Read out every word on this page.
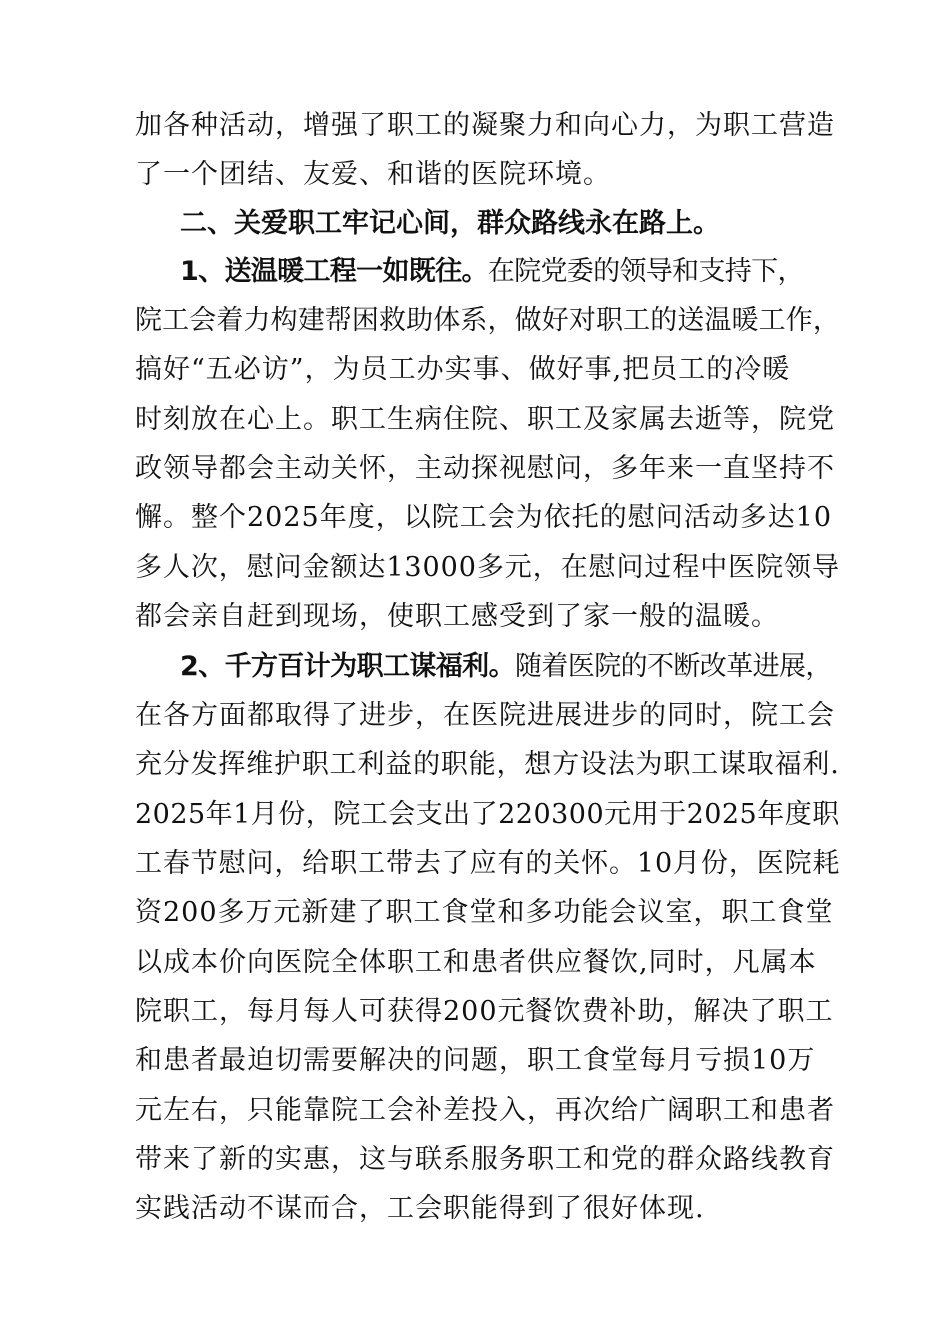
加各种活动，增强了职工的凝聚力和向心力，为职工营造
了一个团结、友爱、和谐的医院环境。
二、关爱职工牢记心间，群众路线永在路上。
1、送温暖工程一如既往。在院党委的领导和支持下，
院工会着力构建帮困救助体系，做好对职工的送温暖工作，
搞好“五必访”，为员工办实事、做好事,把员工的冷暖
时刻放在心上。职工生病住院、职工及家属去逝等，院党
政领导都会主动关怀，主动探视慰问，多年来一直坚持不
懈。整个2025年度，以院工会为依托的慰问活动多达10
多人次，慰问金额达13000多元，在慰问过程中医院领导
都会亲自赶到现场，使职工感受到了家一般的温暖。
2、千方百计为职工谋福利。随着医院的不断改革进展，
在各方面都取得了进步，在医院进展进步的同时，院工会
充分发挥维护职工利益的职能，想方设法为职工谋取福利.
2025年1月份，院工会支出了220300元用于2025年度职
工春节慰问，给职工带去了应有的关怀。10月份，医院耗
资200多万元新建了职工食堂和多功能会议室，职工食堂
以成本价向医院全体职工和患者供应餐饮,同时，凡属本
院职工，每月每人可获得200元餐饮费补助，解决了职工
和患者最迫切需要解决的问题，职工食堂每月亏损10万
元左右，只能靠院工会补差投入，再次给广阔职工和患者
带来了新的实惠，这与联系服务职工和党的群众路线教育
实践活动不谋而合，工会职能得到了很好体现.
